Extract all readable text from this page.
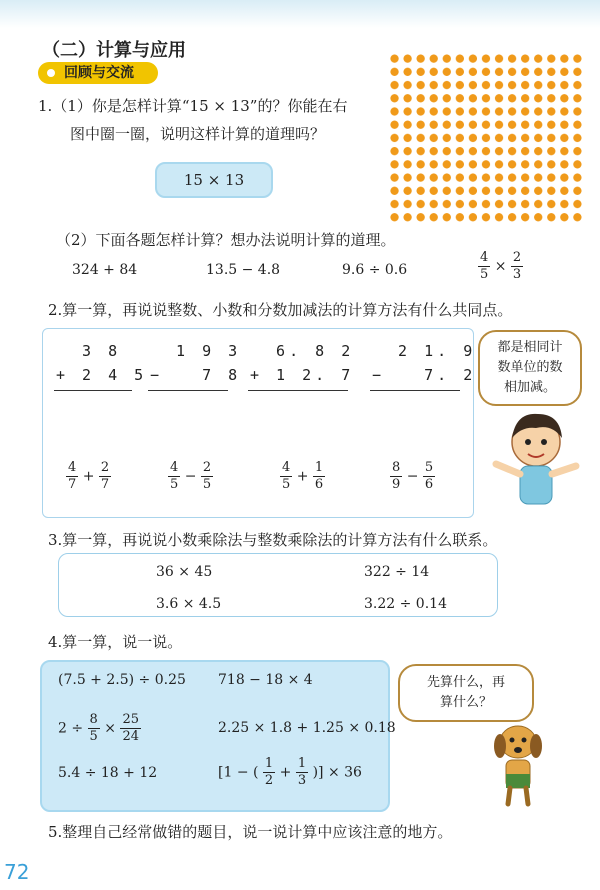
（二）计算与应用
回顾与交流
1.（1）你是怎样计算“15 × 13”的？你能在右
图中圈一圈，说明这样计算的道理吗？
15 × 13
（2）下面各题怎样计算？想办法说明计算的道理。
324 + 84	13.5 − 4.8	9.6 ÷ 0.6	$\frac{4}{5} \times \frac{2}{3}$
2.算一算，再说说整数、小数和分数加减法的计算方法有什么共同点。
3 8
+ 2 4 5
1 9 3
−   7 8
6. 8 2
+ 1 2. 7
2 1. 9
−   7. 2
$\frac{4}{7} + \frac{2}{7}$	$\frac{4}{5} - \frac{2}{5}$	$\frac{4}{5} + \frac{1}{6}$	$\frac{8}{9} - \frac{5}{6}$
都是相同计
数单位的数
相加减。
3.算一算，再说说小数乘除法与整数乘除法的计算方法有什么联系。
36 × 45	322 ÷ 14
3.6 × 4.5	3.22 ÷ 0.14
4.算一算，说一说。
(7.5 + 2.5) ÷ 0.25 718 − 18 × 4
$2 \div \frac{8}{5} \times \frac{25}{24}$	2.25 × 1.8 + 1.25 × 0.18
5.4 ÷ 18 + 12	[1 − ( $\frac{1}{2} + \frac{1}{3}$ )] × 36
先算什么，再
算什么？
5.整理自己经常做错的题目，说一说计算中应该注意的地方。
72
